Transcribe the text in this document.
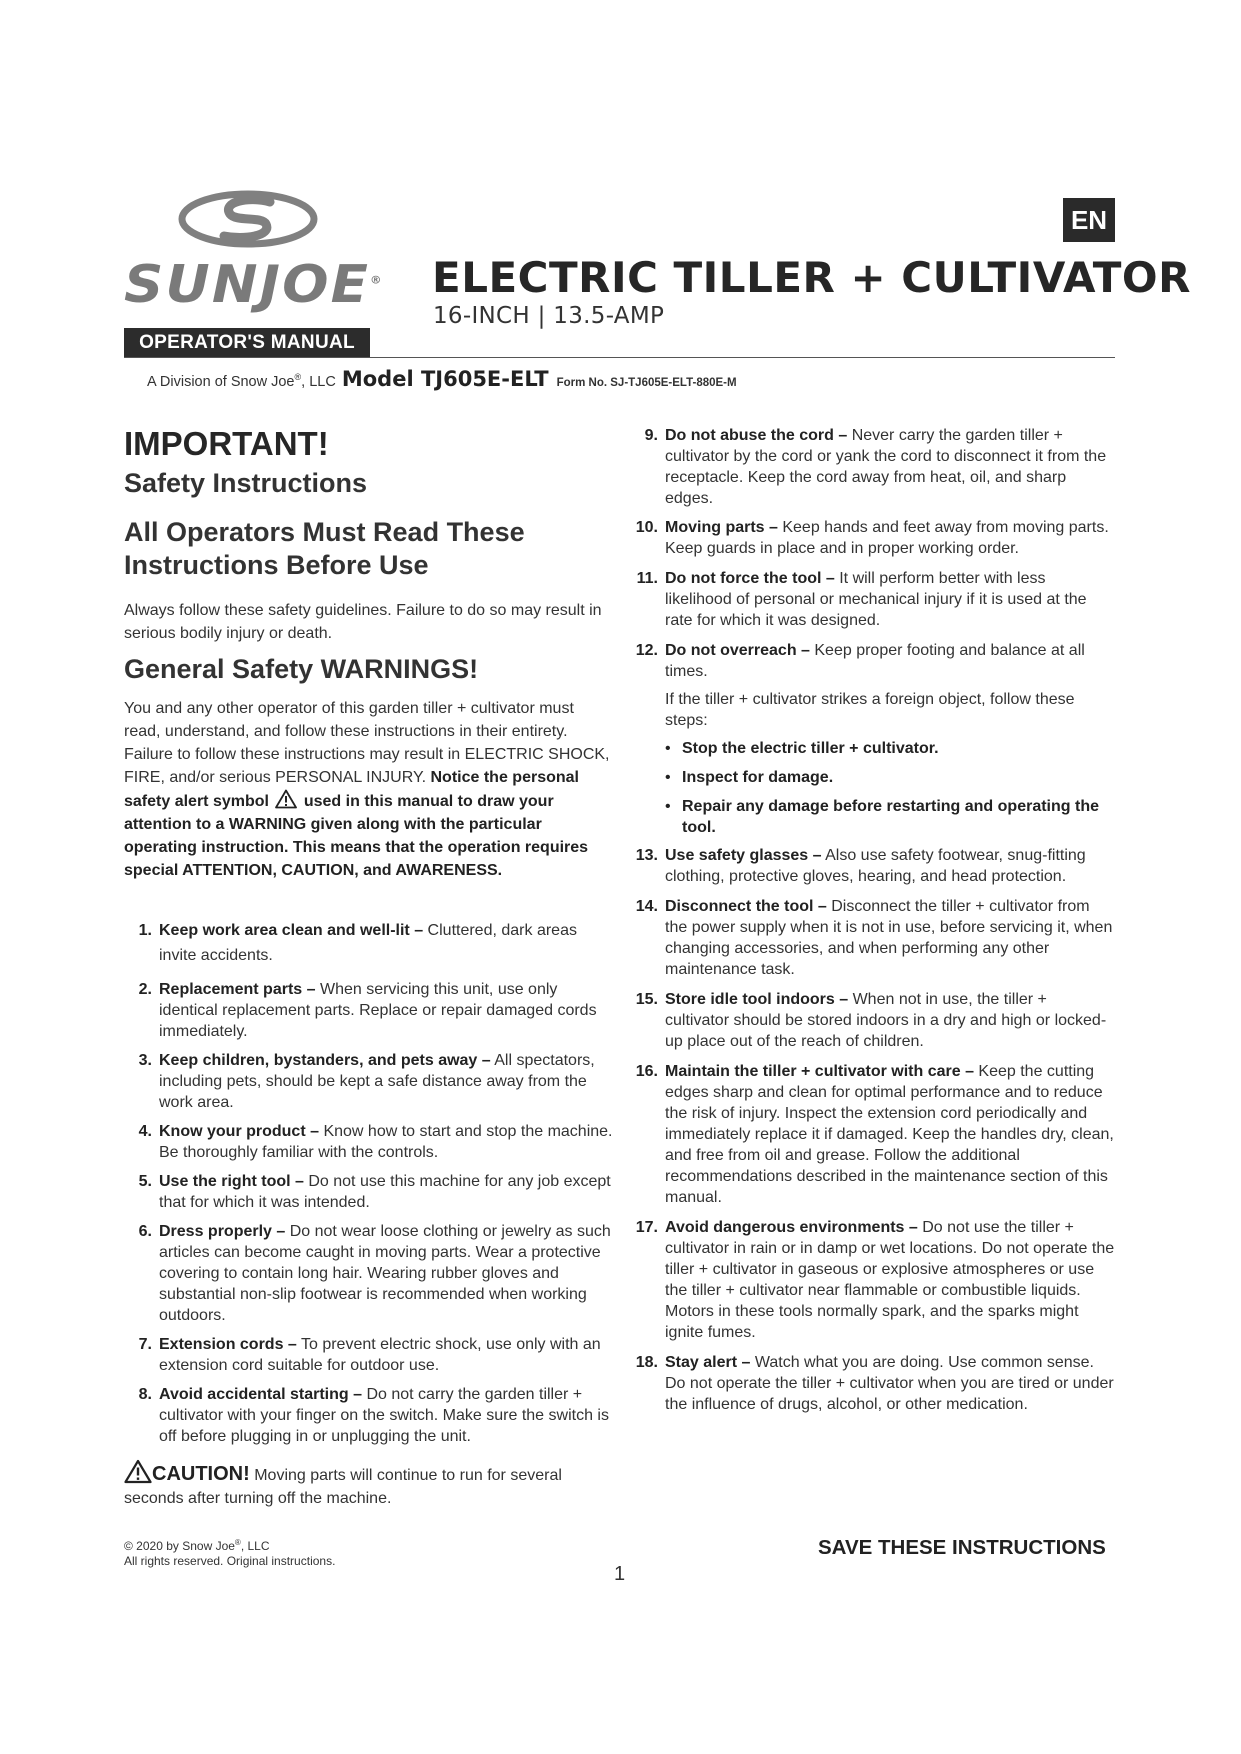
SUNJOE®
OPERATOR'S MANUAL
EN
ELECTRIC TILLER + CULTIVATOR
16-INCH | 13.5-AMP
A Division of Snow Joe®, LLC Model TJ605E-ELT Form No. SJ-TJ605E-ELT-880E-M
IMPORTANT!
Safety Instructions
All Operators Must Read These Instructions Before Use
Always follow these safety guidelines. Failure to do so may result in serious bodily injury or death.
General Safety WARNINGS!
You and any other operator of this garden tiller + cultivator must read, understand, and follow these instructions in their entirety. Failure to follow these instructions may result in ELECTRIC SHOCK, FIRE, and/or serious PERSONAL INJURY. Notice the personal safety alert symbol used in this manual to draw your attention to a WARNING given along with the particular operating instruction. This means that the operation requires special ATTENTION, CAUTION, and AWARENESS.
1. Keep work area clean and well-lit – Cluttered, dark areas invite accidents.
2. Replacement parts – When servicing this unit, use only identical replacement parts. Replace or repair damaged cords immediately.
3. Keep children, bystanders, and pets away – All spectators, including pets, should be kept a safe distance away from the work area.
4. Know your product – Know how to start and stop the machine. Be thoroughly familiar with the controls.
5. Use the right tool – Do not use this machine for any job except that for which it was intended.
6. Dress properly – Do not wear loose clothing or jewelry as such articles can become caught in moving parts. Wear a protective covering to contain long hair. Wearing rubber gloves and substantial non-slip footwear is recommended when working outdoors.
7. Extension cords – To prevent electric shock, use only with an extension cord suitable for outdoor use.
8. Avoid accidental starting – Do not carry the garden tiller + cultivator with your finger on the switch. Make sure the switch is off before plugging in or unplugging the unit.
CAUTION! Moving parts will continue to run for several seconds after turning off the machine.
9. Do not abuse the cord – Never carry the garden tiller + cultivator by the cord or yank the cord to disconnect it from the receptacle. Keep the cord away from heat, oil, and sharp edges.
10. Moving parts – Keep hands and feet away from moving parts. Keep guards in place and in proper working order.
11. Do not force the tool – It will perform better with less likelihood of personal or mechanical injury if it is used at the rate for which it was designed.
12. Do not overreach – Keep proper footing and balance at all times.
If the tiller + cultivator strikes a foreign object, follow these steps:
• Stop the electric tiller + cultivator.
• Inspect for damage.
• Repair any damage before restarting and operating the tool.
13. Use safety glasses – Also use safety footwear, snug-fitting clothing, protective gloves, hearing, and head protection.
14. Disconnect the tool – Disconnect the tiller + cultivator from the power supply when it is not in use, before servicing it, when changing accessories, and when performing any other maintenance task.
15. Store idle tool indoors – When not in use, the tiller + cultivator should be stored indoors in a dry and high or locked-up place out of the reach of children.
16. Maintain the tiller + cultivator with care – Keep the cutting edges sharp and clean for optimal performance and to reduce the risk of injury. Inspect the extension cord periodically and immediately replace it if damaged. Keep the handles dry, clean, and free from oil and grease. Follow the additional recommendations described in the maintenance section of this manual.
17. Avoid dangerous environments – Do not use the tiller + cultivator in rain or in damp or wet locations. Do not operate the tiller + cultivator in gaseous or explosive atmospheres or use the tiller + cultivator near flammable or combustible liquids. Motors in these tools normally spark, and the sparks might ignite fumes.
18. Stay alert – Watch what you are doing. Use common sense. Do not operate the tiller + cultivator when you are tired or under the influence of drugs, alcohol, or other medication.
© 2020 by Snow Joe®, LLC
All rights reserved. Original instructions.
SAVE THESE INSTRUCTIONS
1
